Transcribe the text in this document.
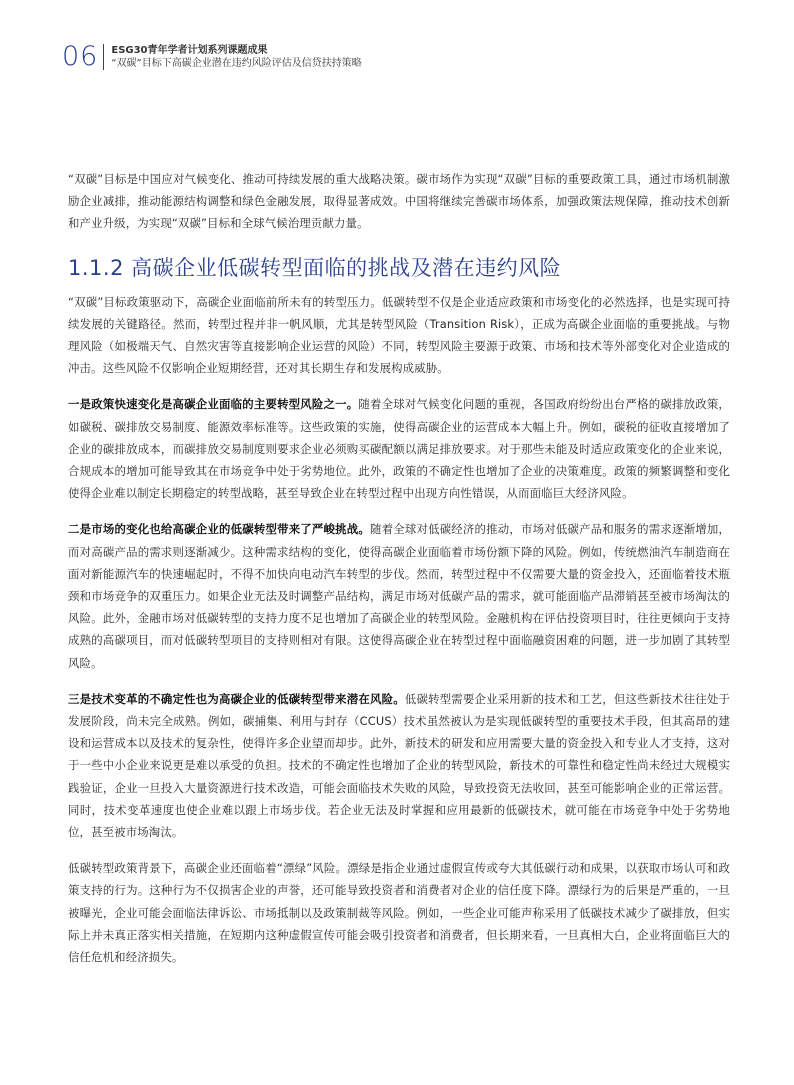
06 ESG30青年学者计划系列课题成果
“双碳”目标下高碳企业潜在违约风险评估及信贷扶持策略

“双碳”目标是中国应对气候变化、推动可持续发展的重大战略决策。碳市场作为实现“双碳”目标的重要政策工具，通过市场机制激励企业减排，推动能源结构调整和绿色金融发展，取得显著成效。中国将继续完善碳市场体系，加强政策法规保障，推动技术创新和产业升级，为实现“双碳”目标和全球气候治理贡献力量。

1.1.2 高碳企业低碳转型面临的挑战及潜在违约风险

“双碳”目标政策驱动下，高碳企业面临前所未有的转型压力。低碳转型不仅是企业适应政策和市场变化的必然选择，也是实现可持续发展的关键路径。然而，转型过程并非一帆风顺，尤其是转型风险（Transition Risk），正成为高碳企业面临的重要挑战。与物理风险（如极端天气、自然灾害等直接影响企业运营的风险）不同，转型风险主要源于政策、市场和技术等外部变化对企业造成的冲击。这些风险不仅影响企业短期经营，还对其长期生存和发展构成威胁。

一是政策快速变化是高碳企业面临的主要转型风险之一。随着全球对气候变化问题的重视，各国政府纷纷出台严格的碳排放政策，如碳税、碳排放交易制度、能源效率标准等。这些政策的实施，使得高碳企业的运营成本大幅上升。例如，碳税的征收直接增加了企业的碳排放成本，而碳排放交易制度则要求企业必须购买碳配额以满足排放要求。对于那些未能及时适应政策变化的企业来说，合规成本的增加可能导致其在市场竞争中处于劣势地位。此外，政策的不确定性也增加了企业的决策难度。政策的频繁调整和变化使得企业难以制定长期稳定的转型战略，甚至导致企业在转型过程中出现方向性错误，从而面临巨大经济风险。

二是市场的变化也给高碳企业的低碳转型带来了严峻挑战。随着全球对低碳经济的推动，市场对低碳产品和服务的需求逐渐增加，而对高碳产品的需求则逐渐减少。这种需求结构的变化，使得高碳企业面临着市场份额下降的风险。例如，传统燃油汽车制造商在面对新能源汽车的快速崛起时，不得不加快向电动汽车转型的步伐。然而，转型过程中不仅需要大量的资金投入，还面临着技术瓶颈和市场竞争的双重压力。如果企业无法及时调整产品结构，满足市场对低碳产品的需求，就可能面临产品滞销甚至被市场淘汰的风险。此外，金融市场对低碳转型的支持力度不足也增加了高碳企业的转型风险。金融机构在评估投资项目时，往往更倾向于支持成熟的高碳项目，而对低碳转型项目的支持则相对有限。这使得高碳企业在转型过程中面临融资困难的问题，进一步加剧了其转型风险。

三是技术变革的不确定性也为高碳企业的低碳转型带来潜在风险。低碳转型需要企业采用新的技术和工艺，但这些新技术往往处于发展阶段，尚未完全成熟。例如，碳捕集、利用与封存（CCUS）技术虽然被认为是实现低碳转型的重要技术手段，但其高昂的建设和运营成本以及技术的复杂性，使得许多企业望而却步。此外，新技术的研发和应用需要大量的资金投入和专业人才支持，这对于一些中小企业来说更是难以承受的负担。技术的不确定性也增加了企业的转型风险，新技术的可靠性和稳定性尚未经过大规模实践验证，企业一旦投入大量资源进行技术改造，可能会面临技术失败的风险，导致投资无法收回，甚至可能影响企业的正常运营。同时，技术变革速度也使企业难以跟上市场步伐。若企业无法及时掌握和应用最新的低碳技术，就可能在市场竞争中处于劣势地位，甚至被市场淘汰。

低碳转型政策背景下，高碳企业还面临着“漂绿”风险。漂绿是指企业通过虚假宣传或夸大其低碳行动和成果，以获取市场认可和政策支持的行为。这种行为不仅损害企业的声誉，还可能导致投资者和消费者对企业的信任度下降。漂绿行为的后果是严重的，一旦被曝光，企业可能会面临法律诉讼、市场抵制以及政策制裁等风险。例如，一些企业可能声称采用了低碳技术减少了碳排放，但实际上并未真正落实相关措施，在短期内这种虚假宣传可能会吸引投资者和消费者，但长期来看，一旦真相大白，企业将面临巨大的信任危机和经济损失。
